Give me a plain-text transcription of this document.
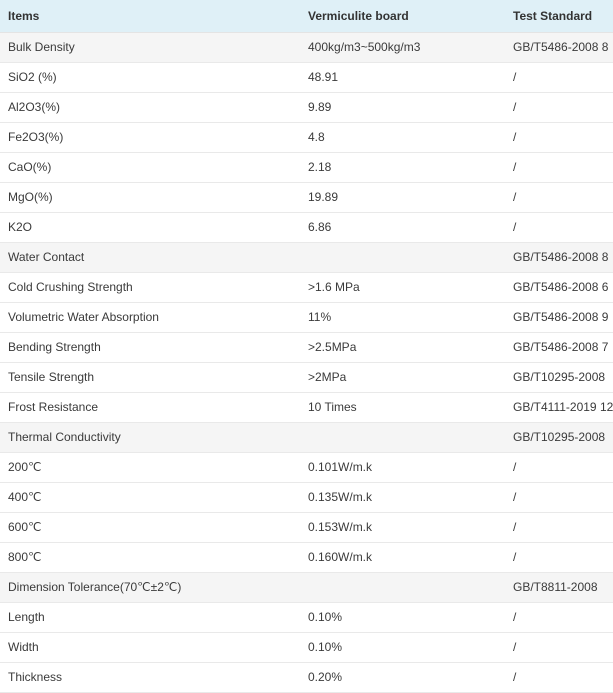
Items	Vermiculite board	Test Standard
Bulk Density	400kg/m3~500kg/m3	GB/T5486-2008 8
SiO2 (%)	48.91	/
Al2O3(%)	9.89	/
Fe2O3(%)	4.8	/
CaO(%)	2.18	/
MgO(%)	19.89	/
K2O	6.86	/
Water Contact		GB/T5486-2008 8
Cold Crushing Strength	>1.6 MPa	GB/T5486-2008 6
Volumetric Water Absorption	11%	GB/T5486-2008 9
Bending Strength	>2.5MPa	GB/T5486-2008 7
Tensile Strength	>2MPa	GB/T10295-2008
Frost Resistance	10 Times	GB/T4111-2019 12
Thermal Conductivity		GB/T10295-2008
200℃	0.101W/m.k	/
400℃	0.135W/m.k	/
600℃	0.153W/m.k	/
800℃	0.160W/m.k	/
Dimension Tolerance(70℃±2℃)		GB/T8811-2008
Length	0.10%	/
Width	0.10%	/
Thickness	0.20%	/
